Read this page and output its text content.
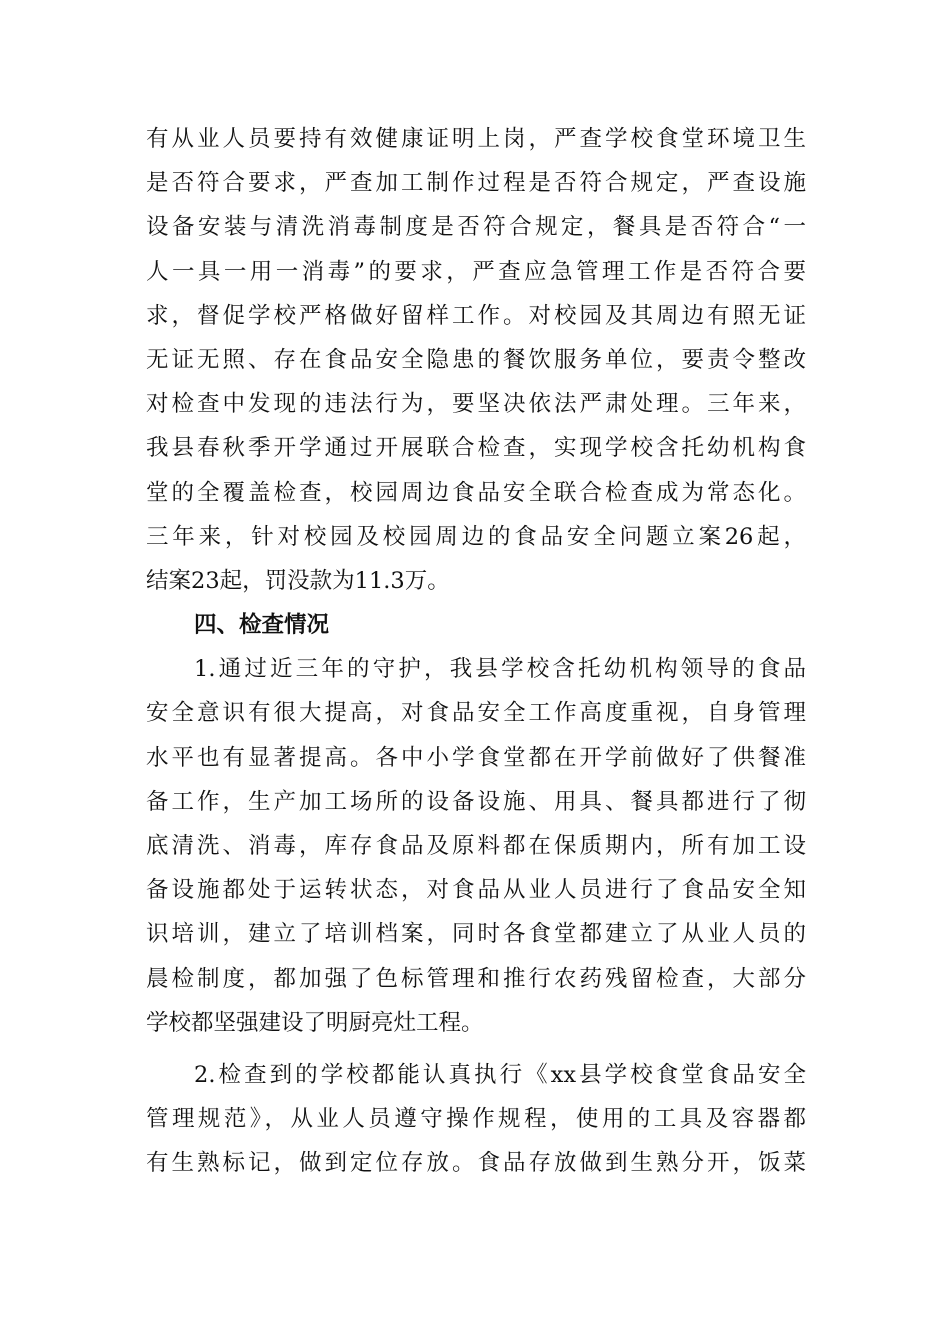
有从业人员要持有效健康证明上岗，严查学校食堂环境卫生
是否符合要求，严查加工制作过程是否符合规定，严查设施
设备安装与清洗消毒制度是否符合规定，餐具是否符合“一
人一具一用一消毒”的要求，严查应急管理工作是否符合要
求，督促学校严格做好留样工作。对校园及其周边有照无证
无证无照、存在食品安全隐患的餐饮服务单位，要责令整改
对检查中发现的违法行为，要坚决依法严肃处理。三年来，
我县春秋季开学通过开展联合检查，实现学校含托幼机构食
堂的全覆盖检查，校园周边食品安全联合检查成为常态化。
三年来，针对校园及校园周边的食品安全问题立案26起，
结案23起，罚没款为11.3万。
四、检查情况
1.通过近三年的守护，我县学校含托幼机构领导的食品
安全意识有很大提高，对食品安全工作高度重视，自身管理
水平也有显著提高。各中小学食堂都在开学前做好了供餐准
备工作，生产加工场所的设备设施、用具、餐具都进行了彻
底清洗、消毒，库存食品及原料都在保质期内，所有加工设
备设施都处于运转状态，对食品从业人员进行了食品安全知
识培训，建立了培训档案，同时各食堂都建立了从业人员的
晨检制度，都加强了色标管理和推行农药残留检查，大部分
学校都坚强建设了明厨亮灶工程。
2.检查到的学校都能认真执行《xx县学校食堂食品安全
管理规范》，从业人员遵守操作规程，使用的工具及容器都
有生熟标记，做到定位存放。食品存放做到生熟分开，饭菜
